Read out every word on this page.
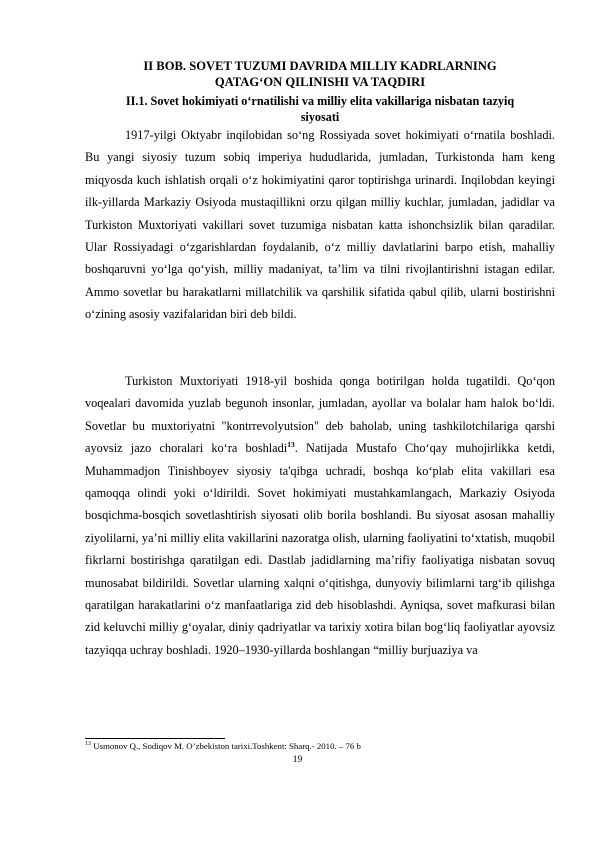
II BOB. SOVET TUZUMI DAVRIDA MILLIY KADRLARNING
QATAG‘ON QILINISHI VA TAQDIRI
II.1. Sovet hokimiyati o‘rnatilishi va milliy elita vakillariga nisbatan tazyiq
siyosati

1917-yilgi Oktyabr inqilobidan so‘ng Rossiyada sovet hokimiyati o‘rnatila boshladi. Bu yangi siyosiy tuzum sobiq imperiya hududlarida, jumladan, Turkistonda ham keng miqyosda kuch ishlatish orqali o‘z hokimiyatini qaror toptirishga urinardi. Inqilobdan keyingi ilk-yillarda Markaziy Osiyoda mustaqillikni orzu qilgan milliy kuchlar, jumladan, jadidlar va Turkiston Muxtoriyati vakillari sovet tuzumiga nisbatan katta ishonchsizlik bilan qaradilar. Ular Rossiyadagi o‘zgarishlardan foydalanib, o‘z milliy davlatlarini barpo etish, mahalliy boshqaruvni yo‘lga qo‘yish, milliy madaniyat, ta’lim va tilni rivojlantirishni istagan edilar. Ammo sovetlar bu harakatlarni millatchilik va qarshilik sifatida qabul qilib, ularni bostirishni o‘zining asosiy vazifalaridan biri deb bildi.

Turkiston Muxtoriyati 1918-yil boshida qonga botirilgan holda tugatildi. Qo‘qon voqealari davomida yuzlab begunoh insonlar, jumladan, ayollar va bolalar ham halok bo‘ldi. Sovetlar bu muxtoriyatni "kontrrevolyutsion" deb baholab, uning tashkilotchilariga qarshi ayovsiz jazo choralari ko‘ra boshladi$^{13}$. Natijada Mustafo Cho‘qay muhojirlikka ketdi, Muhammadjon Tinishboyev siyosiy ta'qibga uchradi, boshqa ko‘plab elita vakillari esa qamoqqa olindi yoki o‘ldirildi. Sovet hokimiyati mustahkamlangach, Markaziy Osiyoda bosqichma-bosqich sovetlashtirish siyosati olib borila boshlandi. Bu siyosat asosan mahalliy ziyolilarni, ya’ni milliy elita vakillarini nazoratga olish, ularning faoliyatini to‘xtatish, muqobil fikrlarni bostirishga qaratilgan edi. Dastlab jadidlarning ma’rifiy faoliyatiga nisbatan sovuq munosabat bildirildi. Sovetlar ularning xalqni o‘qitishga, dunyoviy bilimlarni targ‘ib qilishga qaratilgan harakatlarini o‘z manfaatlariga zid deb hisoblashdi. Ayniqsa, sovet mafkurasi bilan zid keluvchi milliy g‘oyalar, diniy qadriyatlar va tarixiy xotira bilan bog‘liq faoliyatlar ayovsiz tazyiqqa uchray boshladi. 1920–1930-yillarda boshlangan “milliy burjuaziya va

$^{13}$ Usmonov Q., Sodiqov M. O’zbekiston tarixi.Toshkent: Sharq.- 2010. – 76 b
19
